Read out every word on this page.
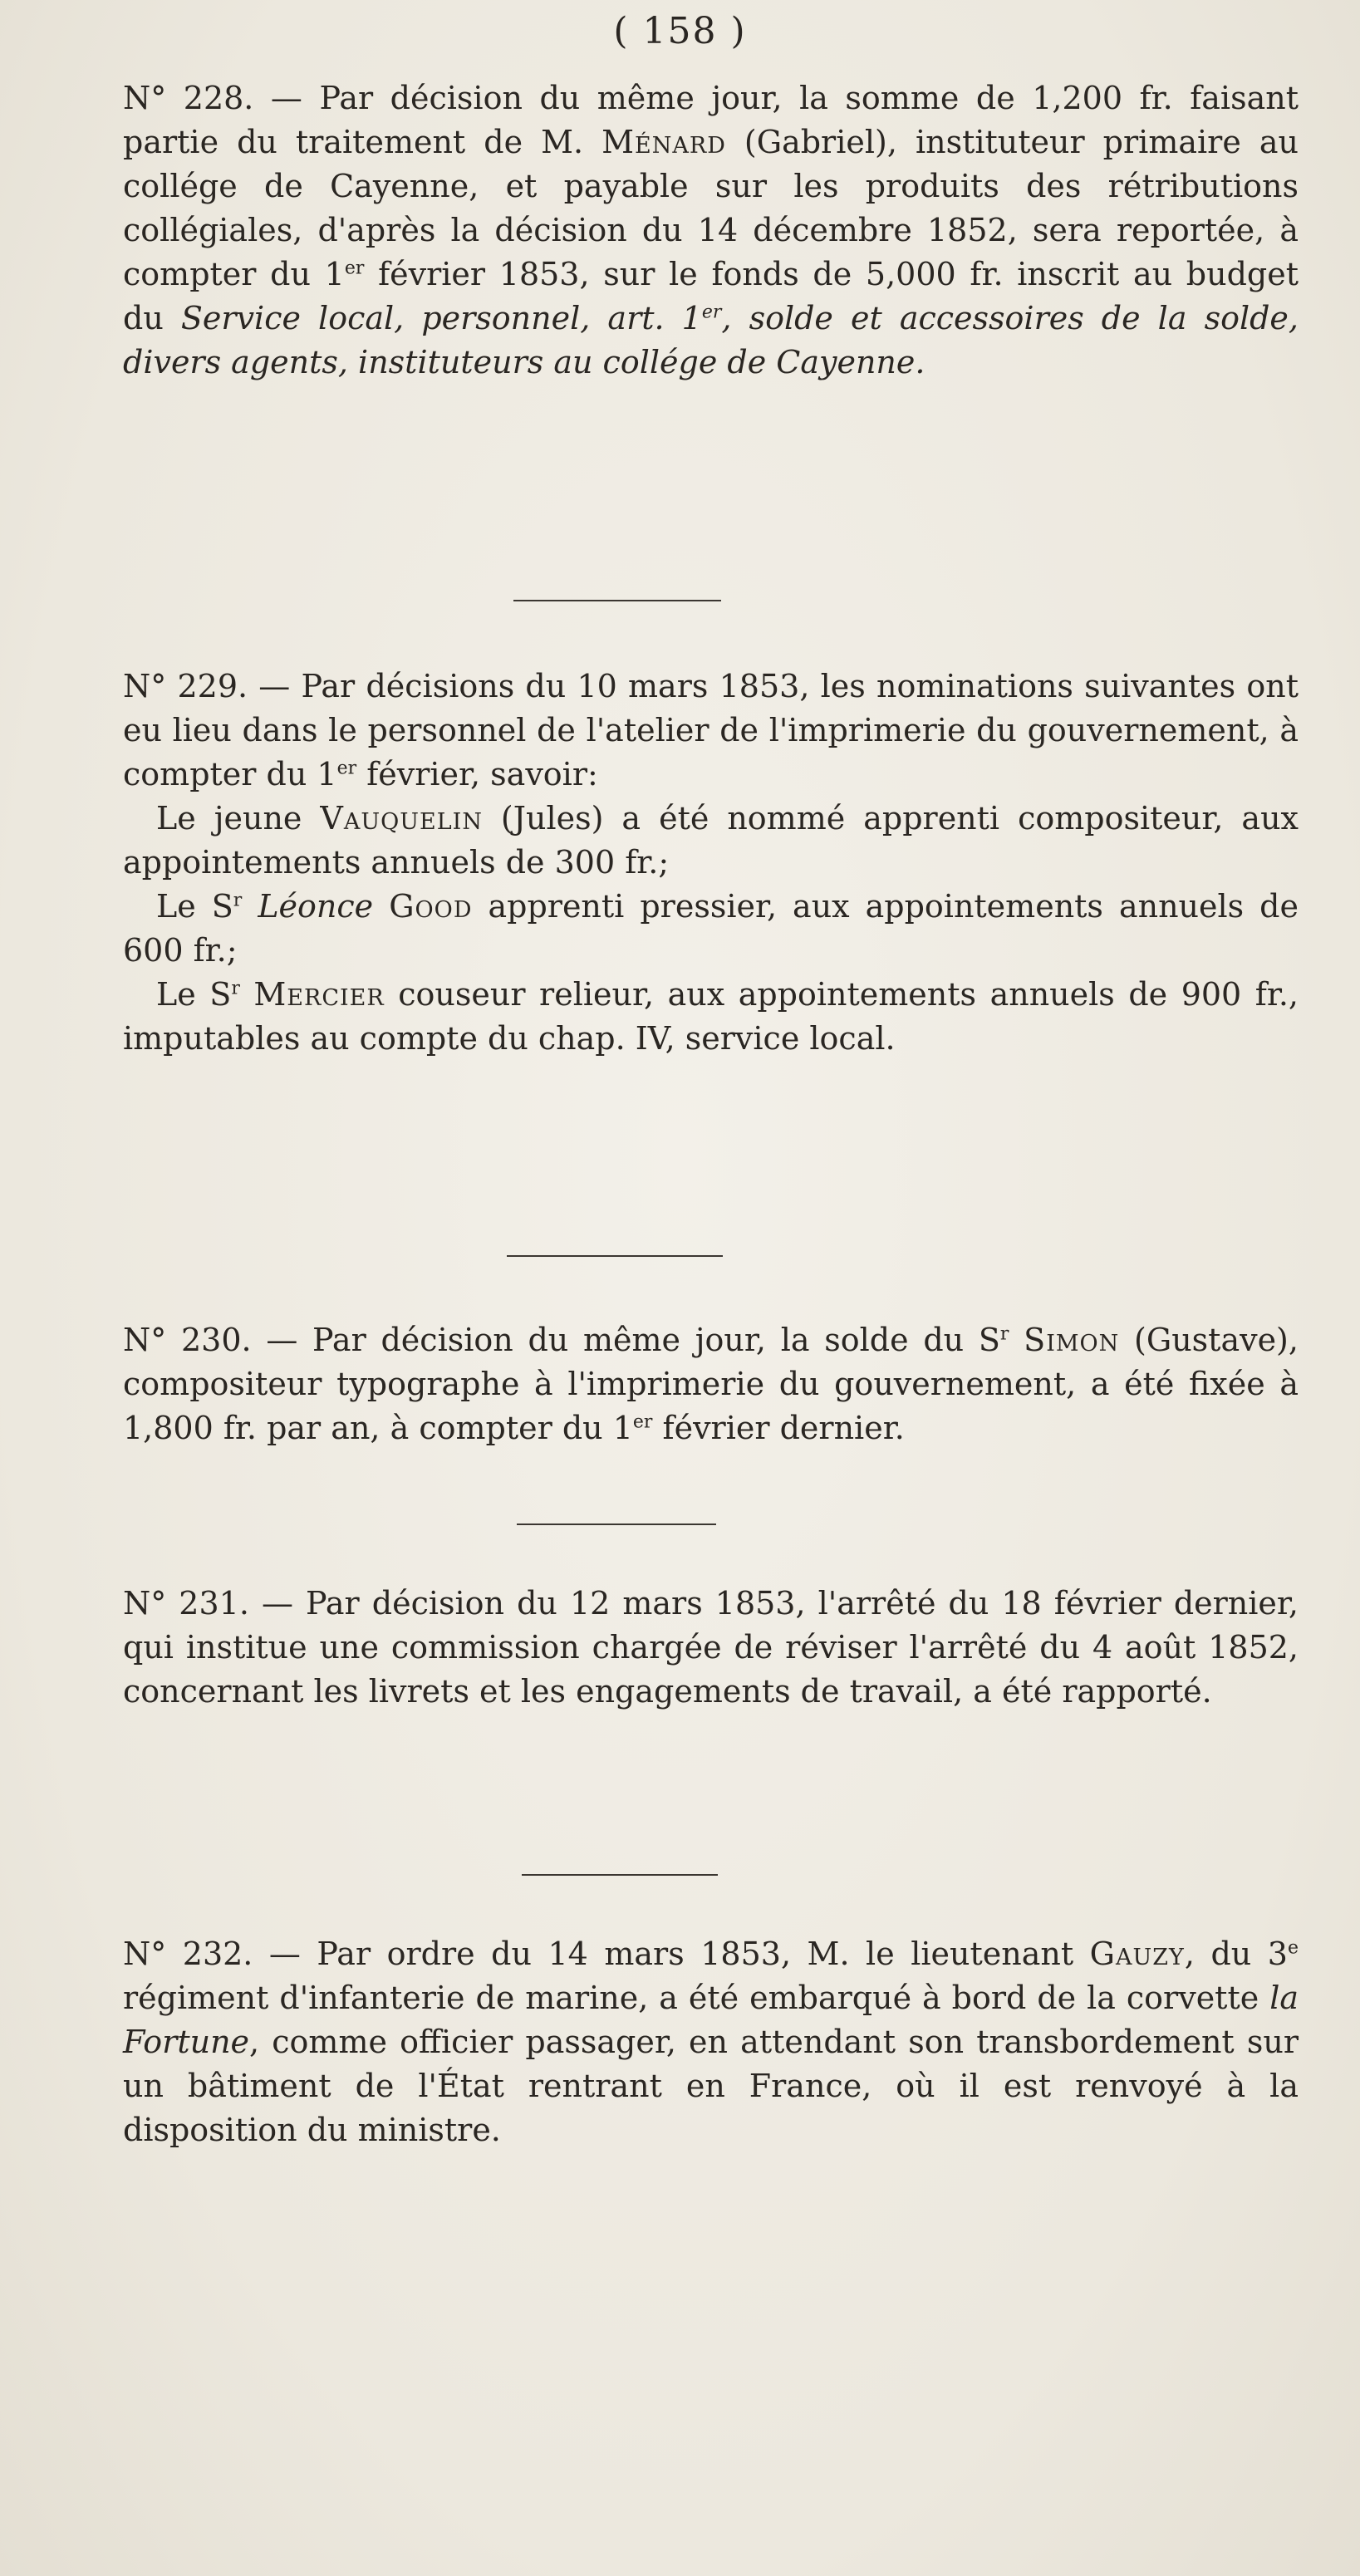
( 158 )

N° 228. — Par décision du même jour, la somme de 1,200 fr. faisant partie du traitement de M. Ménard (Gabriel), instituteur primaire au collége de Cayenne, et payable sur les produits des rétributions collégiales, d'après la décision du 14 décembre 1852, sera reportée, à compter du 1er février 1853, sur le fonds de 5,000 fr. inscrit au budget du Service local, personnel, art. 1er, solde et accessoires de la solde, divers agents, instituteurs au collége de Cayenne.

N° 229. — Par décisions du 10 mars 1853, les nominations suivantes ont eu lieu dans le personnel de l'atelier de l'imprimerie du gouvernement, à compter du 1er février, savoir:

Le jeune Vauquelin (Jules) a été nommé apprenti compositeur, aux appointements annuels de 300 fr.;

Le $S^r$ Léonce Good apprenti pressier, aux appointements annuels de 600 fr.;

Le $S^r$ Mercier couseur relieur, aux appointements annuels de 900 fr., imputables au compte du chap. IV, service local.

N° 230. — Par décision du même jour, la solde du $S^r$ Simon (Gustave), compositeur typographe à l'imprimerie du gouvernement, a été fixée à 1,800 fr. par an, à compter du 1er février dernier.

N° 231. — Par décision du 12 mars 1853, l'arrêté du 18 février dernier, qui institue une commission chargée de réviser l'arrêté du 4 août 1852, concernant les livrets et les engagements de travail, a été rapporté.

N° 232. — Par ordre du 14 mars 1853, M. le lieutenant Gauzy, du 3e régiment d'infanterie de marine, a été embarqué à bord de la corvette la Fortune, comme officier passager, en attendant son transbordement sur un bâtiment de l'État rentrant en France, où il est renvoyé à la disposition du ministre.
